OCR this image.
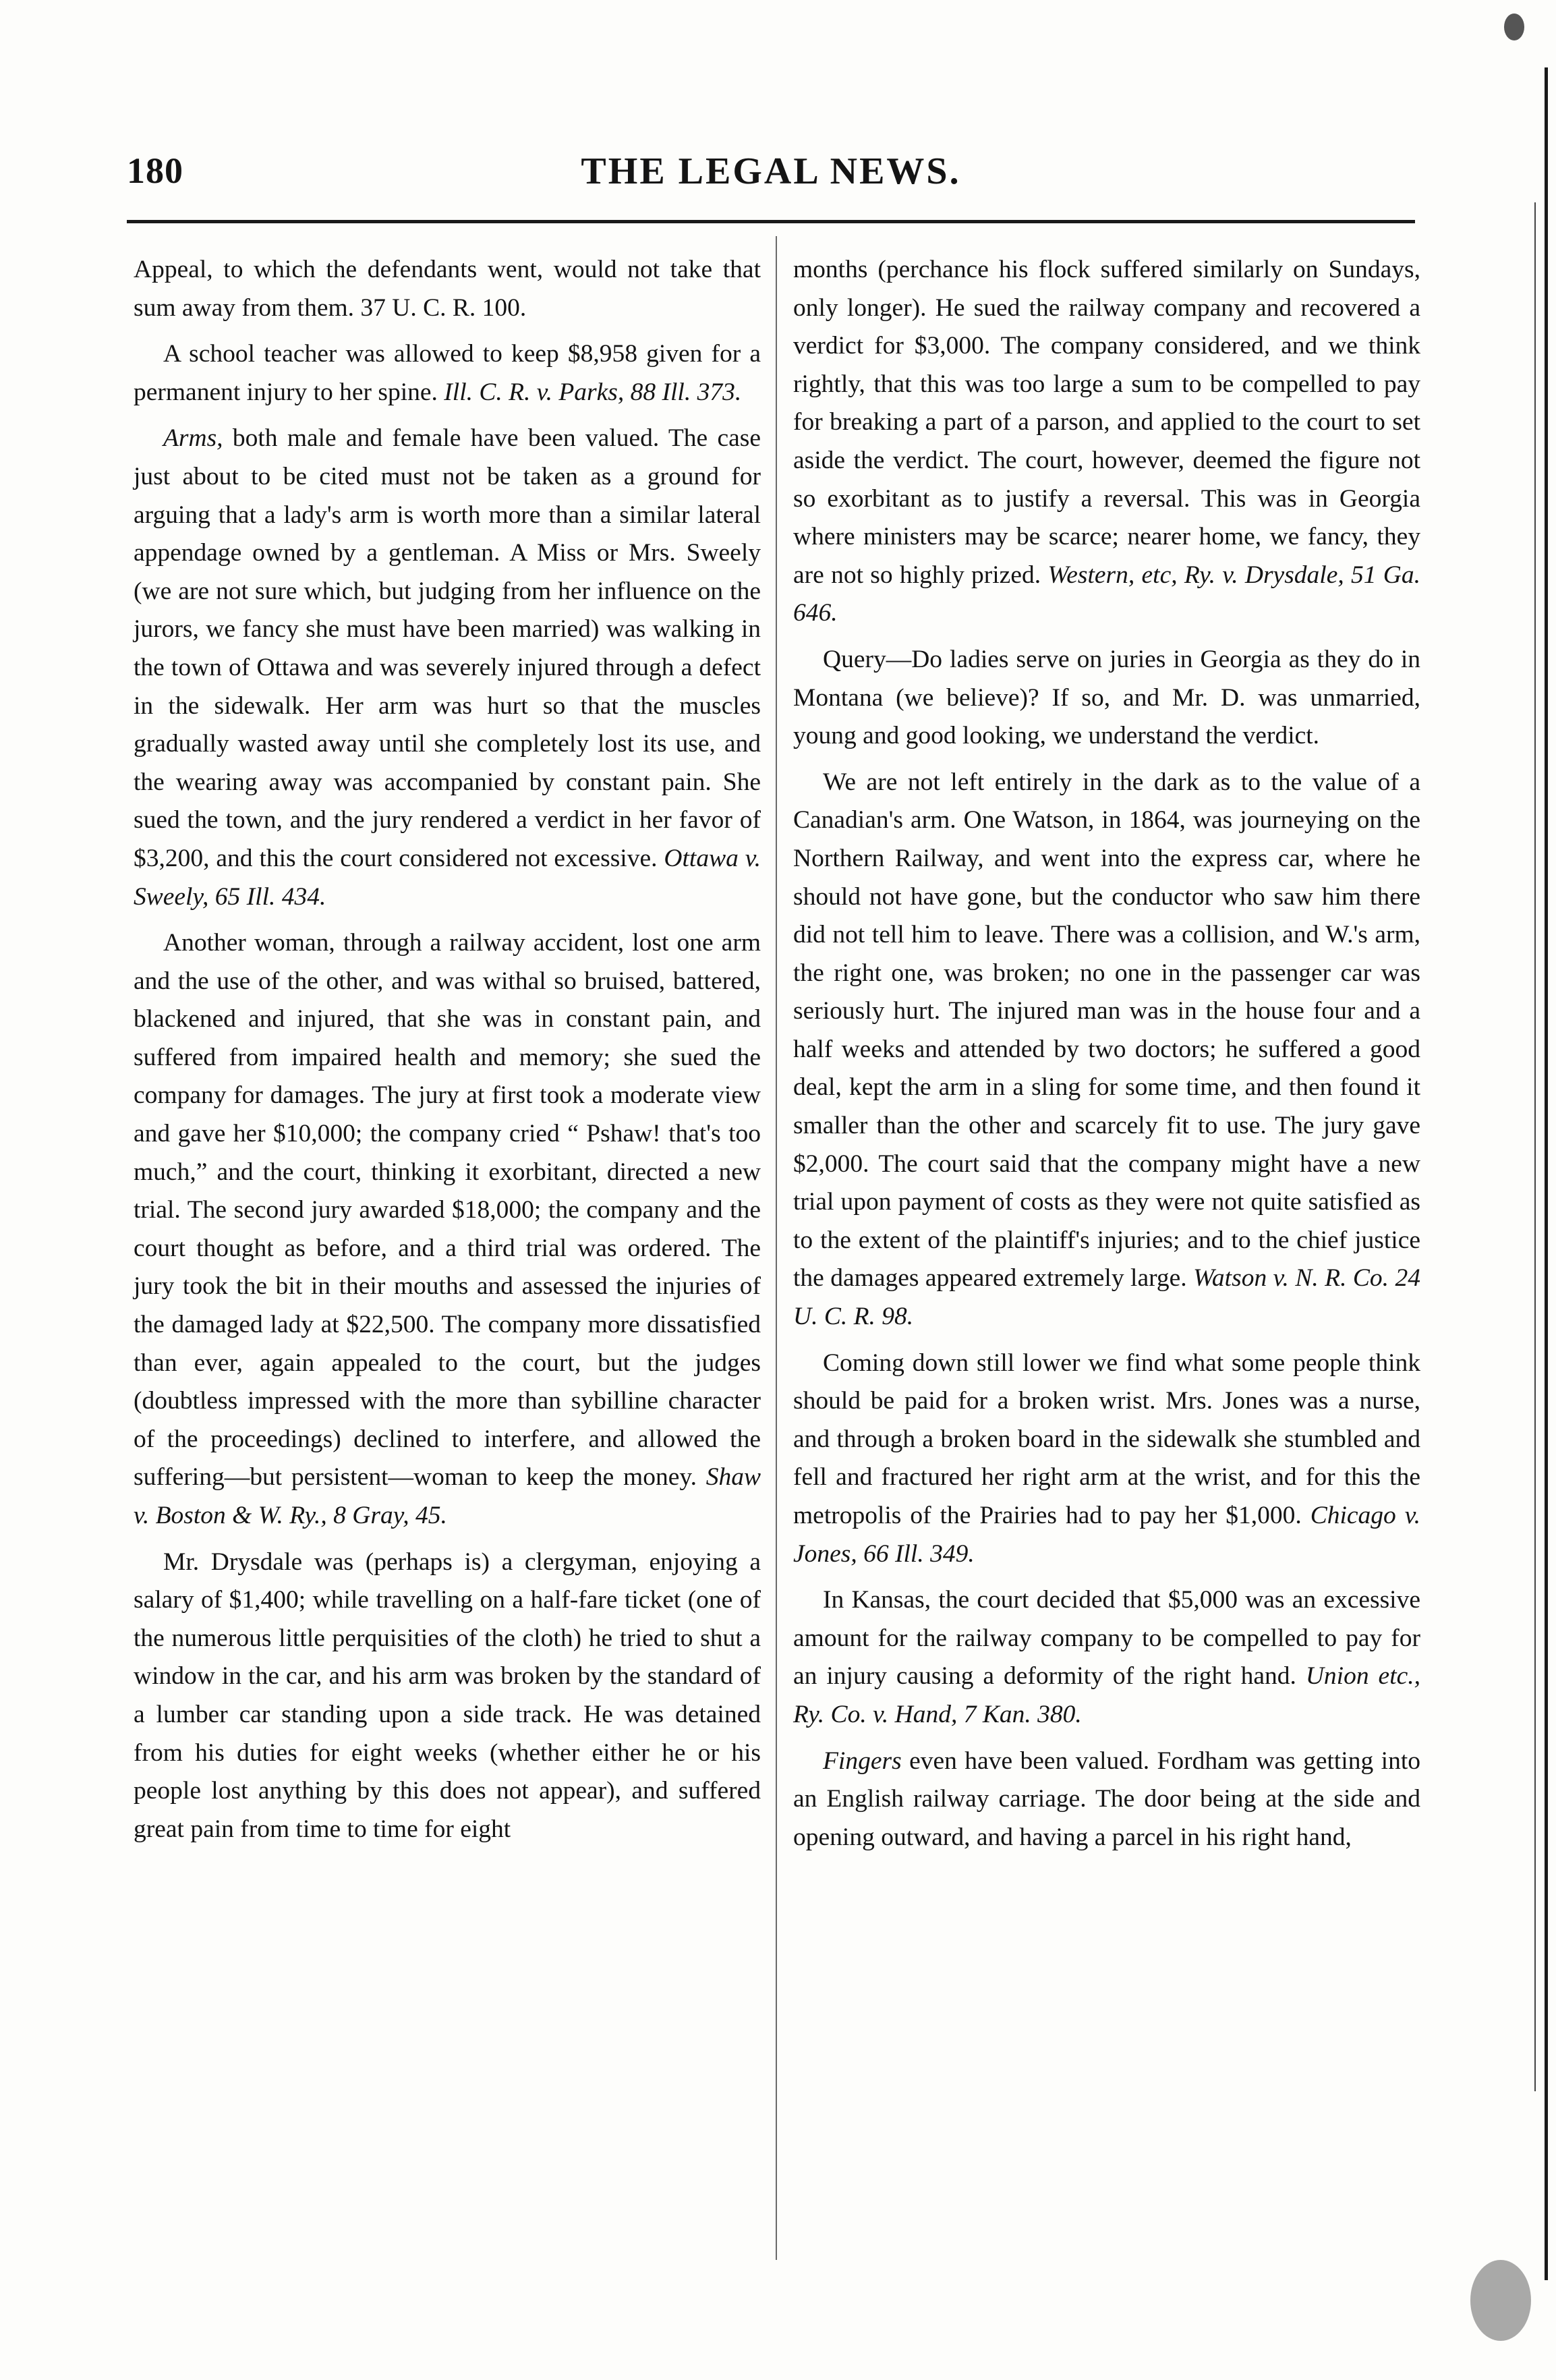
180	THE LEGAL NEWS.

Appeal, to which the defendants went, would not take that sum away from them. 37 U. C. R. 100.

A school teacher was allowed to keep $8,958 given for a permanent injury to her spine. Ill. C. R. v. Parks, 88 Ill. 373.

Arms, both male and female have been valued. The case just about to be cited must not be taken as a ground for arguing that a lady's arm is worth more than a similar lateral appendage owned by a gentleman. A Miss or Mrs. Sweely (we are not sure which, but judging from her influence on the jurors, we fancy she must have been married) was walking in the town of Ottawa and was severely injured through a defect in the sidewalk. Her arm was hurt so that the muscles gradually wasted away until she completely lost its use, and the wearing away was accompanied by constant pain. She sued the town, and the jury rendered a verdict in her favor of $3,200, and this the court considered not excessive. Ottawa v. Sweely, 65 Ill. 434.

Another woman, through a railway accident, lost one arm and the use of the other, and was withal so bruised, battered, blackened and injured, that she was in constant pain, and suffered from impaired health and memory; she sued the company for damages. The jury at first took a moderate view and gave her $10,000; the company cried “ Pshaw! that's too much,” and the court, thinking it exorbitant, directed a new trial. The second jury awarded $18,000; the company and the court thought as before, and a third trial was ordered. The jury took the bit in their mouths and assessed the injuries of the damaged lady at $22,500. The company more dissatisfied than ever, again appealed to the court, but the judges (doubtless impressed with the more than sybilline character of the proceedings) declined to interfere, and allowed the suffering—but persistent—woman to keep the money. Shaw v. Boston & W. Ry., 8 Gray, 45.

Mr. Drysdale was (perhaps is) a clergyman, enjoying a salary of $1,400; while travelling on a half-fare ticket (one of the numerous little perquisities of the cloth) he tried to shut a window in the car, and his arm was broken by the standard of a lumber car standing upon a side track. He was detained from his duties for eight weeks (whether either he or his people lost anything by this does not appear), and suffered great pain from time to time for eight

months (perchance his flock suffered similarly on Sundays, only longer). He sued the railway company and recovered a verdict for $3,000. The company considered, and we think rightly, that this was too large a sum to be compelled to pay for breaking a part of a parson, and applied to the court to set aside the verdict. The court, however, deemed the figure not so exorbitant as to justify a reversal. This was in Georgia where ministers may be scarce; nearer home, we fancy, they are not so highly prized. Western, etc, Ry. v. Drysdale, 51 Ga. 646.

Query—Do ladies serve on juries in Georgia as they do in Montana (we believe)? If so, and Mr. D. was unmarried, young and good looking, we understand the verdict.

We are not left entirely in the dark as to the value of a Canadian's arm. One Watson, in 1864, was journeying on the Northern Railway, and went into the express car, where he should not have gone, but the conductor who saw him there did not tell him to leave. There was a collision, and W.'s arm, the right one, was broken; no one in the passenger car was seriously hurt. The injured man was in the house four and a half weeks and attended by two doctors; he suffered a good deal, kept the arm in a sling for some time, and then found it smaller than the other and scarcely fit to use. The jury gave $2,000. The court said that the company might have a new trial upon payment of costs as they were not quite satisfied as to the extent of the plaintiff's injuries; and to the chief justice the damages appeared extremely large. Watson v. N. R. Co. 24 U. C. R. 98.

Coming down still lower we find what some people think should be paid for a broken wrist. Mrs. Jones was a nurse, and through a broken board in the sidewalk she stumbled and fell and fractured her right arm at the wrist, and for this the metropolis of the Prairies had to pay her $1,000. Chicago v. Jones, 66 Ill. 349.

In Kansas, the court decided that $5,000 was an excessive amount for the railway company to be compelled to pay for an injury causing a deformity of the right hand. Union etc., Ry. Co. v. Hand, 7 Kan. 380.

Fingers even have been valued. Fordham was getting into an English railway carriage. The door being at the side and opening outward, and having a parcel in his right hand,
